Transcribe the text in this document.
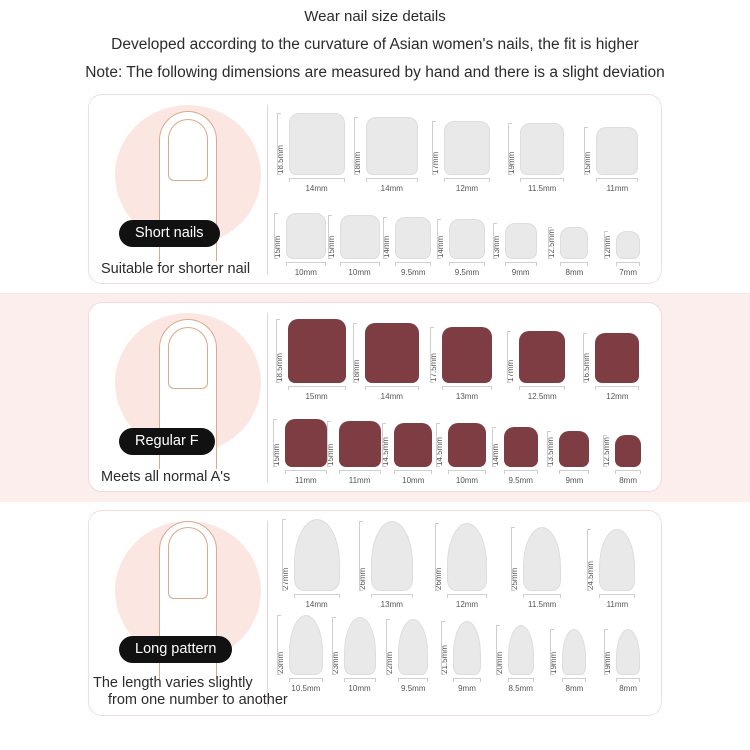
Wear nail size details
Developed according to the curvature of Asian women's nails, the fit is higher
Note: The following dimensions are measured by hand and there is a slight deviation
Short nails
Suitable for shorter nail
14mm
18.5mm
14mm
18mm
12mm
17mm
11.5mm
19mm
11mm
15mm
10mm
15mm
10mm
15mm
9.5mm
14mm
9.5mm
14mm
9mm
13mm
8mm
12.5mm
7mm
12mm
Regular F
Meets all normal A's
15mm
18.5mm
14mm
18mm
13mm
17.5mm
12.5mm
17mm
12mm
16.5mm
11mm
15mm
11mm
15mm
10mm
14.5mm
10mm
14.5mm
9.5mm
14mm
9mm
13.5mm
8mm
12.5mm
Long pattern
The length varies slightly
14mm
27mm
13mm
26mm
12mm
26mm
11.5mm
25mm
11mm
24.5mm
10.5mm
23mm
10mm
23mm
9.5mm
22mm
9mm
21.5mm
8.5mm
20mm
8mm
19mm
8mm
19mm
from one number to another
